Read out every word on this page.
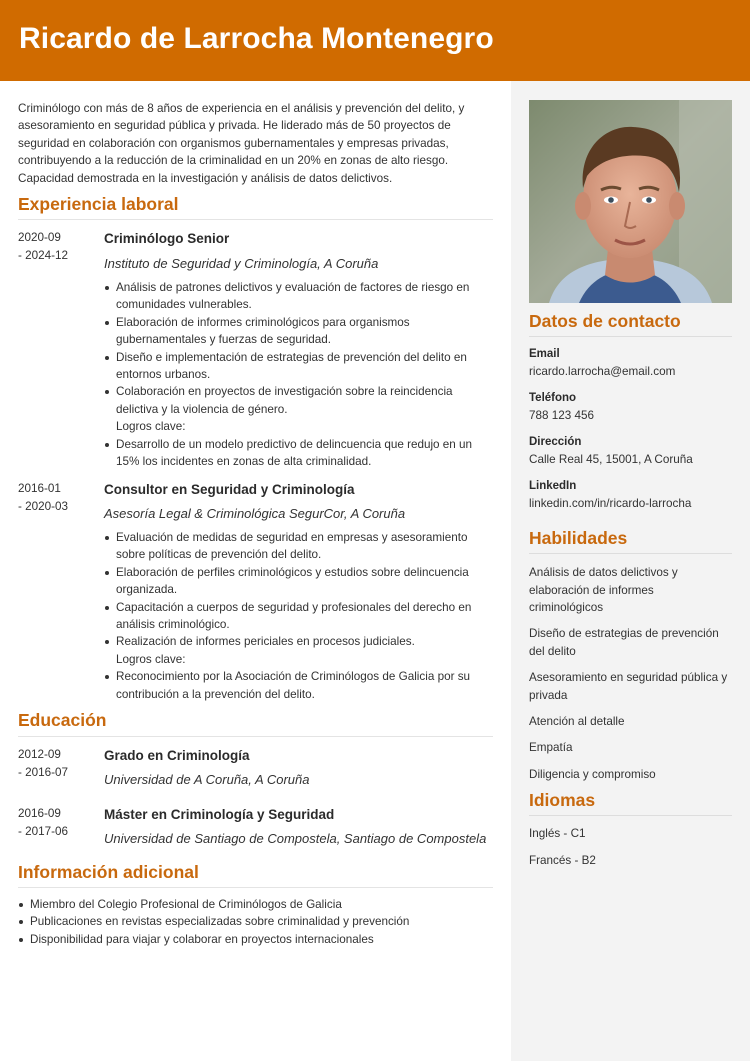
Ricardo de Larrocha Montenegro

Criminólogo con más de 8 años de experiencia en el análisis y prevención del delito, y asesoramiento en seguridad pública y privada. He liderado más de 50 proyectos de seguridad en colaboración con organismos gubernamentales y empresas privadas, contribuyendo a la reducción de la criminalidad en un 20% en zonas de alto riesgo. Capacidad demostrada en la investigación y análisis de datos delictivos.

Experiencia laboral
2020-09
- 2024-12
Criminólogo Senior
Instituto de Seguridad y Criminología, A Coruña
Análisis de patrones delictivos y evaluación de factores de riesgo en comunidades vulnerables.
Elaboración de informes criminológicos para organismos gubernamentales y fuerzas de seguridad.
Diseño e implementación de estrategias de prevención del delito en entornos urbanos.
Colaboración en proyectos de investigación sobre la reincidencia delictiva y la violencia de género.
Logros clave:
Desarrollo de un modelo predictivo de delincuencia que redujo en un 15% los incidentes en zonas de alta criminalidad.
2016-01
- 2020-03
Consultor en Seguridad y Criminología
Asesoría Legal & Criminológica SegurCor, A Coruña
Evaluación de medidas de seguridad en empresas y asesoramiento sobre políticas de prevención del delito.
Elaboración de perfiles criminológicos y estudios sobre delincuencia organizada.
Capacitación a cuerpos de seguridad y profesionales del derecho en análisis criminológico.
Realización de informes periciales en procesos judiciales.
Logros clave:
Reconocimiento por la Asociación de Criminólogos de Galicia por su contribución a la prevención del delito.
Educación
2012-09
- 2016-07
Grado en Criminología
Universidad de A Coruña, A Coruña
2016-09
- 2017-06
Máster en Criminología y Seguridad
Universidad de Santiago de Compostela, Santiago de Compostela
Información adicional
Miembro del Colegio Profesional de Criminólogos de Galicia
Publicaciones en revistas especializadas sobre criminalidad y prevención
Disponibilidad para viajar y colaborar en proyectos internacionales
Datos de contacto
Email
ricardo.larrocha@email.com
Teléfono
788 123 456
Dirección
Calle Real 45, 15001, A Coruña
LinkedIn
linkedin.com/in/ricardo-larrocha
Habilidades
Análisis de datos delictivos y elaboración de informes criminológicos
Diseño de estrategias de prevención del delito
Asesoramiento en seguridad pública y privada
Atención al detalle
Empatía
Diligencia y compromiso
Idiomas
Inglés - C1
Francés - B2
